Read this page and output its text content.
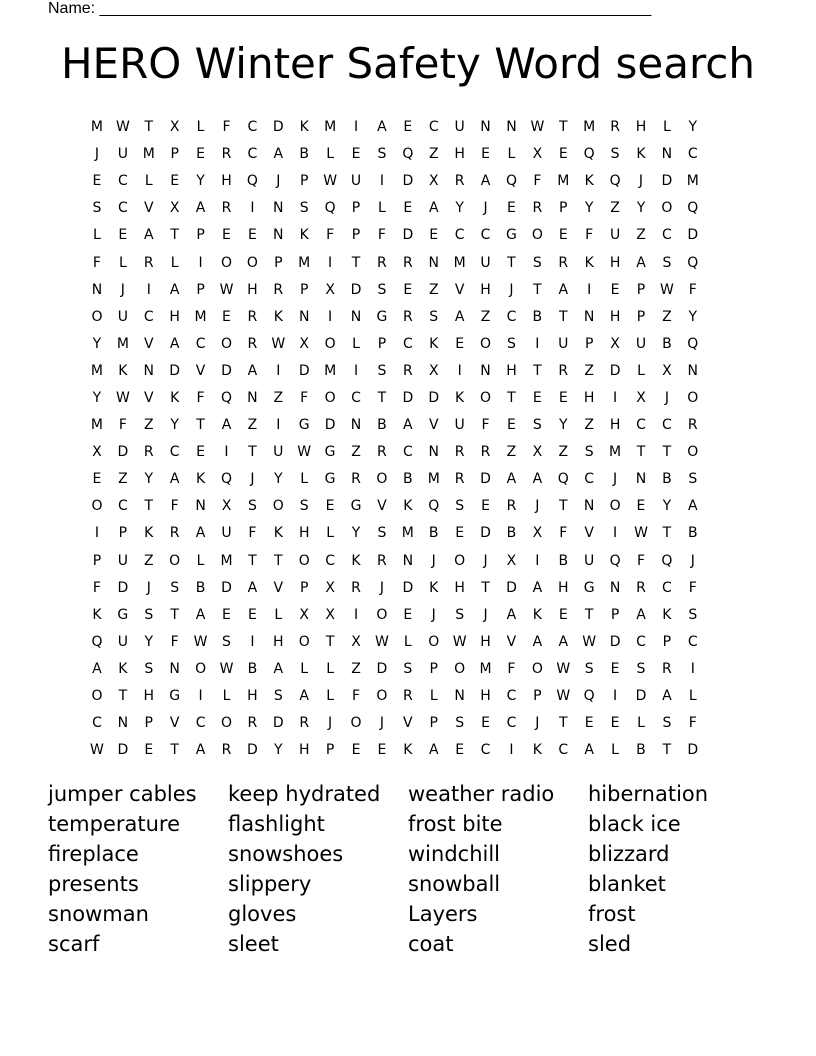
Name: ______________________________________________________________
HERO Winter Safety Word search
M W	T	X	L	F	C	D	K	M	I	A	E	C	U	N	N W	T	M	R	H	L	Y
J	U	M	P	E	R	C	A	B	L	E	S	Q	Z	H	E	L	X	E	Q	S	K	N	C
E	C	L	E	Y	H	Q	J	P	W U	I	D	X	R	A	Q	F	M	K	Q	J	D	M
S	C	V	X	A	R	I	N	S	Q	P	L	E	A	Y	J	E	R	P	Y	Z	Y	O	Q
L	E	A	T	P	E	E	N	K	F	P	F	D	E	C	C	G	O	E	F	U	Z	C	D
F	L	R	L	I	O	O	P	M	I	T	R	R	N	M	U	T	S	R	K	H	A	S	Q
N	J	I	A	P	W H	R	P	X	D	S	E	Z	V	H	J	T	A	I	E	P	W	F
O	U	C	H	M	E	R	K	N	I	N	G	R	S	A	Z	C	B	T	N	H	P	Z	Y
Y	M	V	A	C	O	R	W	X	O	L	P	C	K	E	O	S	I	U	P	X	U	B	Q
M	K	N	D	V	D	A	I	D	M	I	S	R	X	I	N	H	T	R	Z	D	L	X	N
Y	W	V	K	F	Q	N	Z	F	O	C	T	D	D	K	O	T	E	E	H	I	X	J	O
M	F	Z	Y	T	A	Z	I	G	D	N	B	A	V	U	F	E	S	Y	Z	H	C	C	R
X	D	R	C	E	I	T	U W G	Z	R	C	N	R	R	Z	X	Z	S	M	T	T	O
E	Z	Y	A	K	Q	J	Y	L	G	R	O	B	M	R	D	A	A	Q	C	J	N	B	S
O	C	T	F	N	X	S	O	S	E	G	V	K	Q	S	E	R	J	T	N	O	E	Y	A
I	P	K	R	A	U	F	K	H	L	Y	S	M	B	E	D	B	X	F	V	I	W	T	B
P	U	Z	O	L	M	T	T	O	C	K	R	N	J	O	J	X	I	B	U	Q	F	Q	J
F	D	J	S	B	D	A	V	P	X	R	J	D	K	H	T	D	A	H	G	N	R	C	F
K	G	S	T	A	E	E	L	X	X	I	O	E	J	S	J	A	K	E	T	P	A	K	S
Q	U	Y	F	W	S	I	H	O	T	X	W	L	O W H	V	A	A	W D	C	P	C
A	K	S	N	O W	B	A	L	L	Z	D	S	P	O	M	F	O W	S	E	S	R	I
O	T	H	G	I	L	H	S	A	L	F	O	R	L	N	H	C	P	W Q	I	D	A	L
C	N	P	V	C	O	R	D	R	J	O	J	V	P	S	E	C	J	T	E	E	L	S	F
W D	E	T	A	R	D	Y	H	P	E	E	K	A	E	C	I	K	C	A	L	B	T	D
jumper cables	keep hydrated	weather radio	hibernation
temperature	flashlight	frost bite	black ice
fireplace	snowshoes	windchill	blizzard
presents	slippery	snowball	blanket
snowman	gloves	Layers	frost
scarf	sleet	coat	sled
